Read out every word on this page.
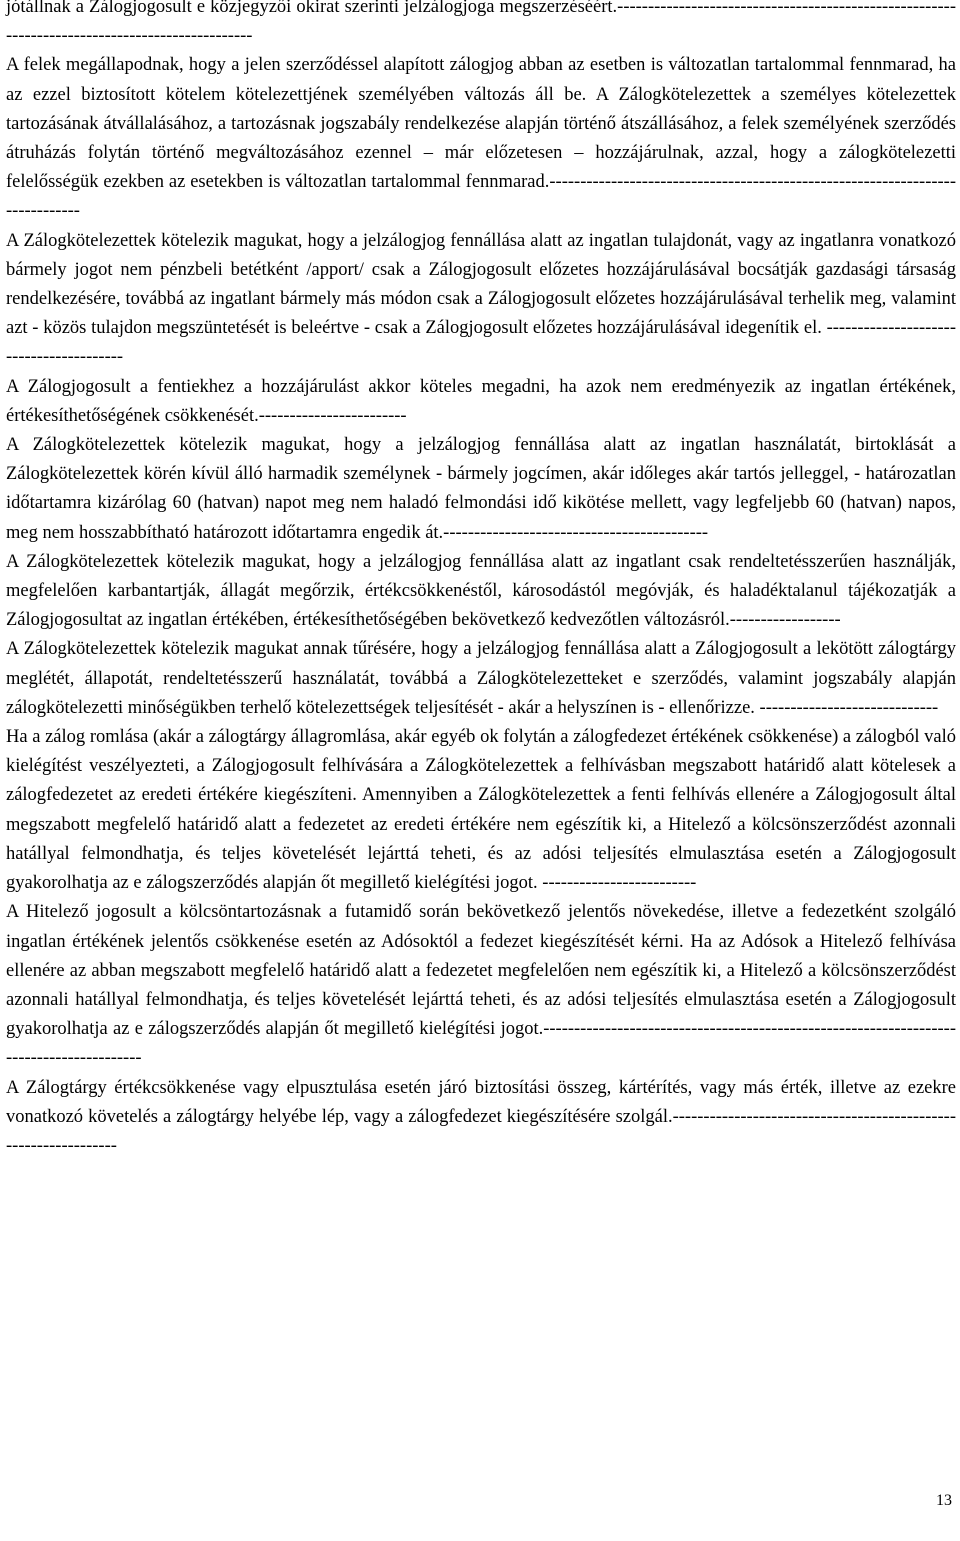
jótállnak a Zálogjogosult e közjegyzői okirat szerinti jelzálogjoga megszerzéséért.-----------------------------------------------------------------------------------------------

A felek megállapodnak, hogy a jelen szerződéssel alapított zálogjog abban az esetben is változatlan tartalommal fennmarad, ha az ezzel biztosított kötelem kötelezettjének személyében változás áll be. A Zálogkötelezettek a személyes kötelezettek tartozásának átvállalásához, a tartozásnak jogszabály rendelkezése alapján történő átszállásához, a felek személyének szerződés átruházás folytán történő megváltozásához ezennel – már előzetesen – hozzájárulnak, azzal, hogy a zálogkötelezetti felelősségük ezekben az esetekben is változatlan tartalommal fennmarad.------------------------------------------------------------------------------

A Zálogkötelezettek kötelezik magukat, hogy a jelzálogjog fennállása alatt az ingatlan tulajdonát, vagy az ingatlanra vonatkozó bármely jogot nem pénzbeli betétként /apport/ csak a Zálogjogosult előzetes hozzájárulásával bocsátják gazdasági társaság rendelkezésére, továbbá az ingatlant bármely más módon csak a Zálogjogosult előzetes hozzájárulásával terhelik meg, valamint azt - közös tulajdon megszüntetését is beleértve - csak a Zálogjogosult előzetes hozzájárulásával idegenítik el. ----------------------------------------

A Zálogjogosult a fentiekhez a hozzájárulást akkor köteles megadni, ha azok nem eredményezik az ingatlan értékének, értékesíthetőségének csökkenését.------------------------

A Zálogkötelezettek kötelezik magukat, hogy a jelzálogjog fennállása alatt az ingatlan használatát, birtoklását a Zálogkötelezettek körén kívül álló harmadik személynek - bármely jogcímen, akár időleges akár tartós jelleggel, - határozatlan időtartamra kizárólag 60 (hatvan) napot meg nem haladó felmondási idő kikötése mellett, vagy legfeljebb 60 (hatvan) napos, meg nem hosszabbítható határozott időtartamra engedik át.-------------------------------------------

A Zálogkötelezettek kötelezik magukat, hogy a jelzálogjog fennállása alatt az ingatlant csak rendeltetésszerűen használják, megfelelően karbantartják, állagát megőrzik, értékcsökkenéstől, károsodástól megóvják, és haladéktalanul tájékozatják a Zálogjogosultat az ingatlan értékében, értékesíthetőségében bekövetkező kedvezőtlen változásról.------------------

A Zálogkötelezettek kötelezik magukat annak tűrésére, hogy a jelzálogjog fennállása alatt a Zálogjogosult a lekötött zálogtárgy meglétét, állapotát, rendeltetésszerű használatát, továbbá a Zálogkötelezetteket e szerződés, valamint jogszabály alapján zálogkötelezetti minőségükben terhelő kötelezettségek teljesítését - akár a helyszínen is - ellenőrizze. -----------------------------

Ha a zálog romlása (akár a zálogtárgy állagromlása, akár egyéb ok folytán a zálogfedezet értékének csökkenése) a zálogból való kielégítést veszélyezteti, a Zálogjogosult felhívására a Zálogkötelezettek a felhívásban megszabott határidő alatt kötelesek a zálogfedezetet az eredeti értékére kiegészíteni. Amennyiben a Zálogkötelezettek a fenti felhívás ellenére a Zálogjogosult által megszabott megfelelő határidő alatt a fedezetet az eredeti értékére nem egészítik ki, a Hitelező a kölcsönszerződést azonnali hatállyal felmondhatja, és teljes követelését lejárttá teheti, és az adósi teljesítés elmulasztása esetén a Zálogjogosult gyakorolhatja az e zálogszerződés alapján őt megillető kielégítési jogot. -------------------------

A Hitelező jogosult a kölcsöntartozásnak a futamidő során bekövetkező jelentős növekedése, illetve a fedezetként szolgáló ingatlan értékének jelentős csökkenése esetén az Adósoktól a fedezet kiegészítését kérni. Ha az Adósok a Hitelező felhívása ellenére az abban megszabott megfelelő határidő alatt a fedezetet megfelelően nem egészítik ki, a Hitelező a kölcsönszerződést azonnali hatállyal felmondhatja, és teljes követelését lejárttá teheti, és az adósi teljesítés elmulasztása esetén a Zálogjogosult gyakorolhatja az e zálogszerződés alapján őt megillető kielégítési jogot.-----------------------------------------------------------------------------------------

A Zálogtárgy értékcsökkenése vagy elpusztulása esetén járó biztosítási összeg, kártérítés, vagy más érték, illetve az ezekre vonatkozó követelés a zálogtárgy helyébe lép, vagy a zálogfedezet kiegészítésére szolgál.----------------------------------------------------------------

13
